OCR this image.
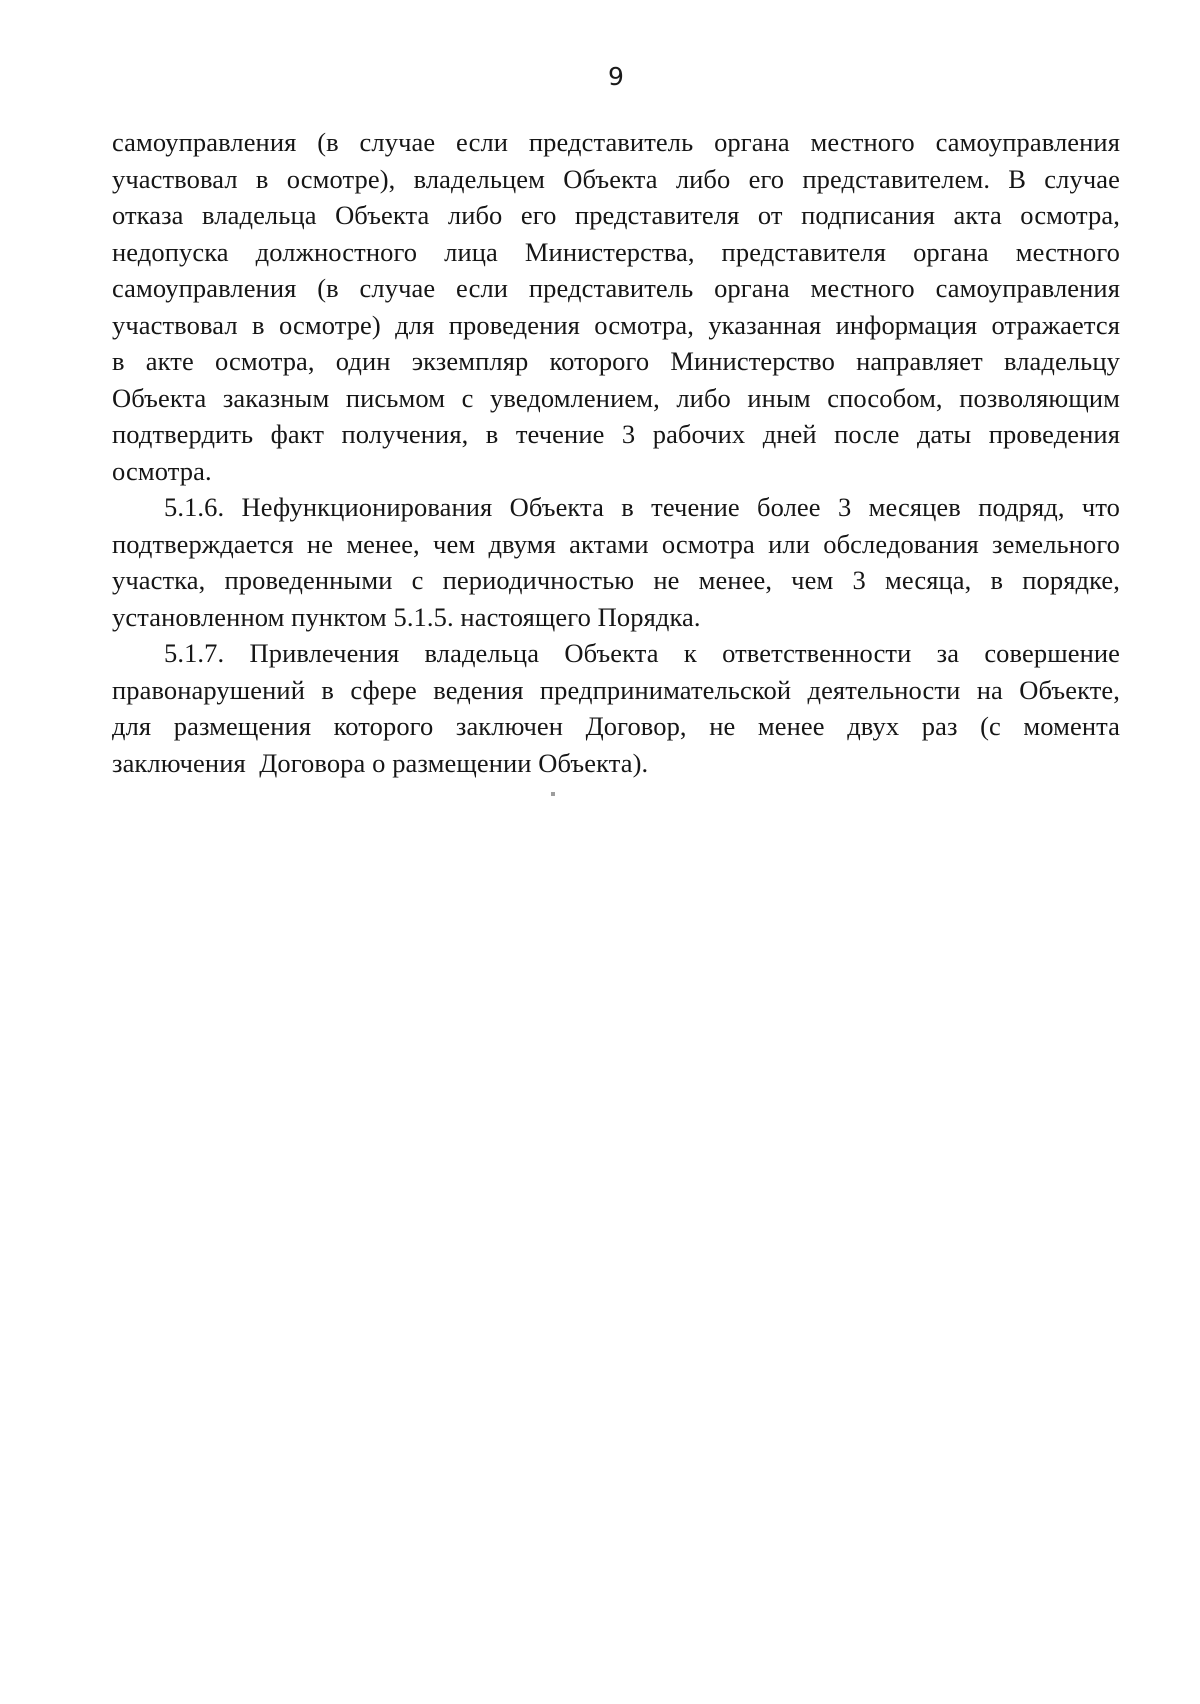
9
самоуправления (в случае если представитель органа местного самоуправления
участвовал в осмотре), владельцем Объекта либо его представителем. В случае
отказа владельца Объекта либо его представителя от подписания акта осмотра,
недопуска должностного лица Министерства, представителя органа местного
самоуправления (в случае если представитель органа местного самоуправления
участвовал в осмотре) для проведения осмотра, указанная информация отражается
в акте осмотра, один экземпляр которого Министерство направляет владельцу
Объекта заказным письмом с уведомлением, либо иным способом, позволяющим
подтвердить факт получения, в течение 3 рабочих дней после даты проведения
осмотра.
5.1.6. Нефункционирования Объекта в течение более 3 месяцев подряд, что
подтверждается не менее, чем двумя актами осмотра или обследования земельного
участка, проведенными с периодичностью не менее, чем 3 месяца, в порядке,
установленном пунктом 5.1.5. настоящего Порядка.
5.1.7. Привлечения владельца Объекта к ответственности за совершение
правонарушений в сфере ведения предпринимательской деятельности на Объекте,
для размещения которого заключен Договор, не менее двух раз (с момента
заключения  Договора о размещении Объекта).
